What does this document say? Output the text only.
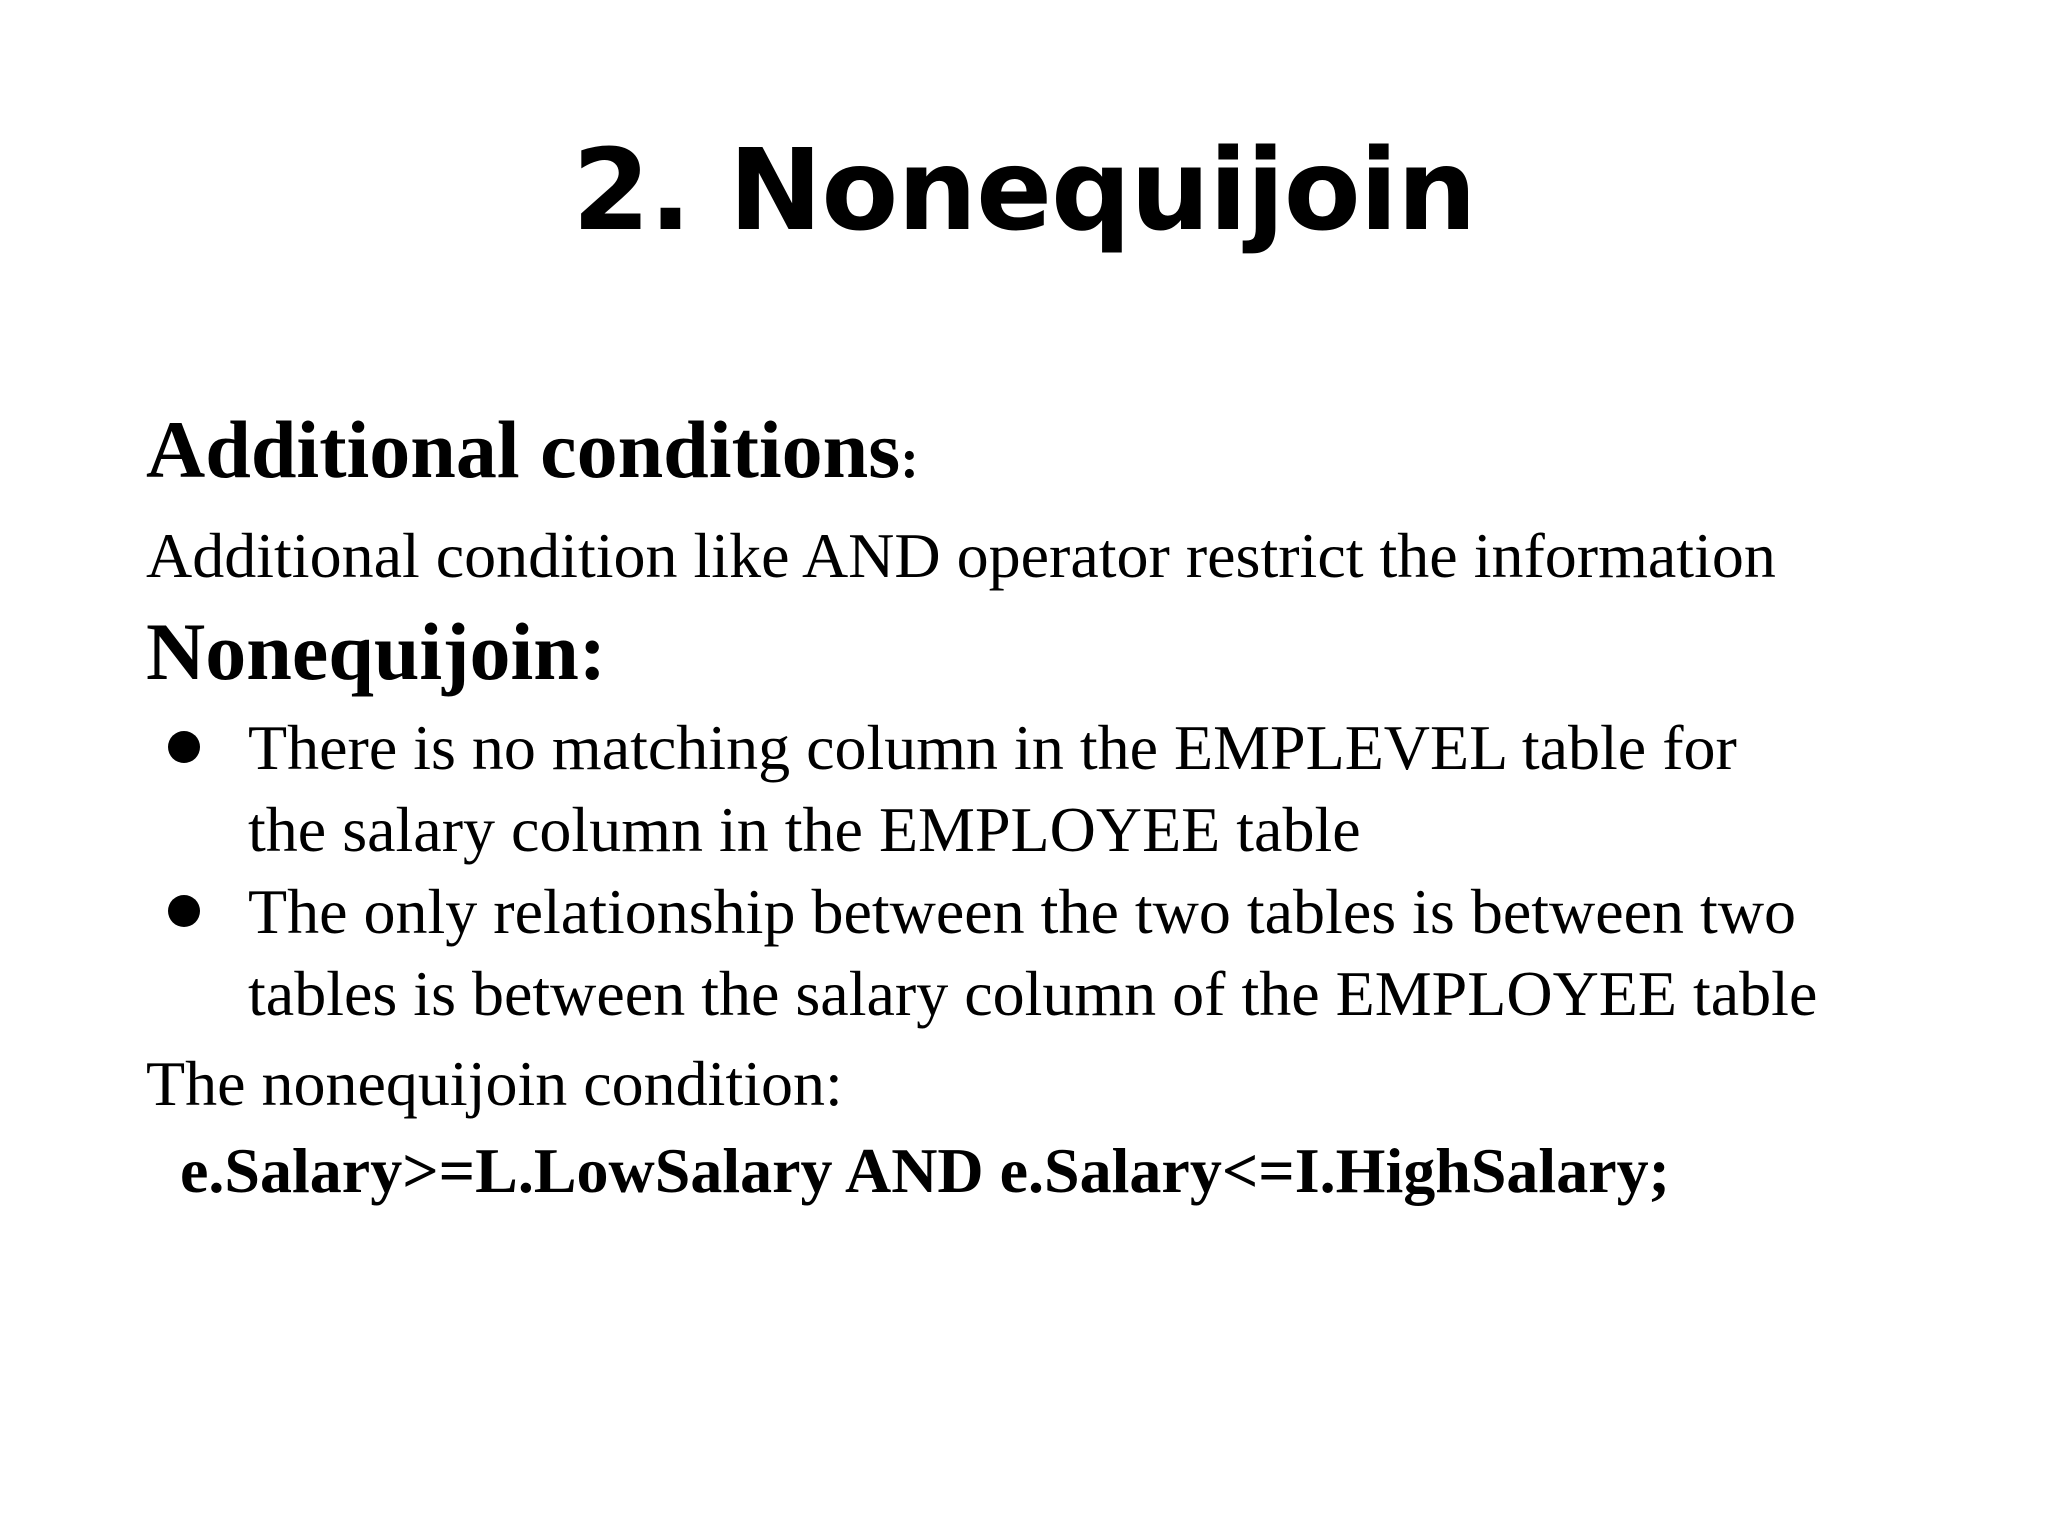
2. Nonequijoin

Additional conditions:

Additional condition like AND operator restrict the information

Nonequijoin:

There is no matching column in the EMPLEVEL table for
the salary column in the EMPLOYEE table
The only relationship between the two tables is between two
tables is between the salary column of the EMPLOYEE table

The nonequijoin condition:

e.Salary>=L.LowSalary AND e.Salary<=I.HighSalary;
